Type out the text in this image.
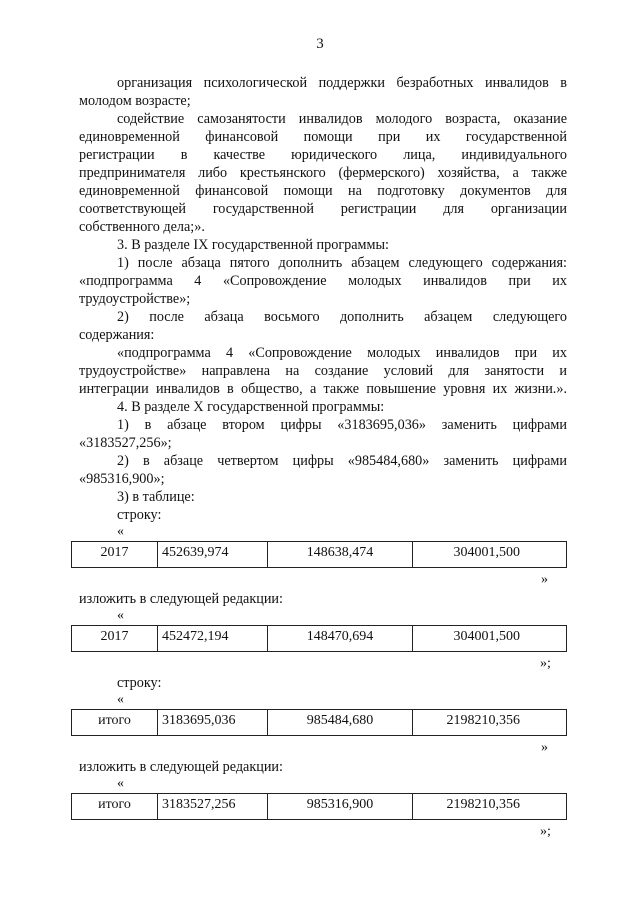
3
организация психологической поддержки безработных инвалидов в
молодом возрасте;
содействие самозанятости инвалидов молодого возраста, оказание
единовременной финансовой помощи при их государственной
регистрации в качестве юридического лица, индивидуального
предпринимателя либо крестьянского (фермерского) хозяйства, а также
единовременной финансовой помощи на подготовку документов для
соответствующей государственной регистрации для организации
собственного дела;».
3. В разделе IX государственной программы:
1) после абзаца пятого дополнить абзацем следующего содержания:
«подпрограмма 4 «Сопровождение молодых инвалидов при их
трудоустройстве»;
2) после абзаца восьмого дополнить абзацем следующего
содержания:
«подпрограмма 4 «Сопровождение молодых инвалидов при их
трудоустройстве» направлена на создание условий для занятости и
интеграции инвалидов в общество, а также повышение уровня их жизни.».
4. В разделе X государственной программы:
1) в абзаце втором цифры «3183695,036» заменить цифрами
«3183527,256»;
2) в абзаце четвертом цифры «985484,680» заменить цифрами
«985316,900»;
3) в таблице:
строку:
«
2017	452639,974	148638,474	304001,500
»
изложить в следующей редакции:
«
2017	452472,194	148470,694	304001,500
»;
строку:
«
итого	3183695,036	985484,680	2198210,356
»
изложить в следующей редакции:
«
итого	3183527,256	985316,900	2198210,356
»;
